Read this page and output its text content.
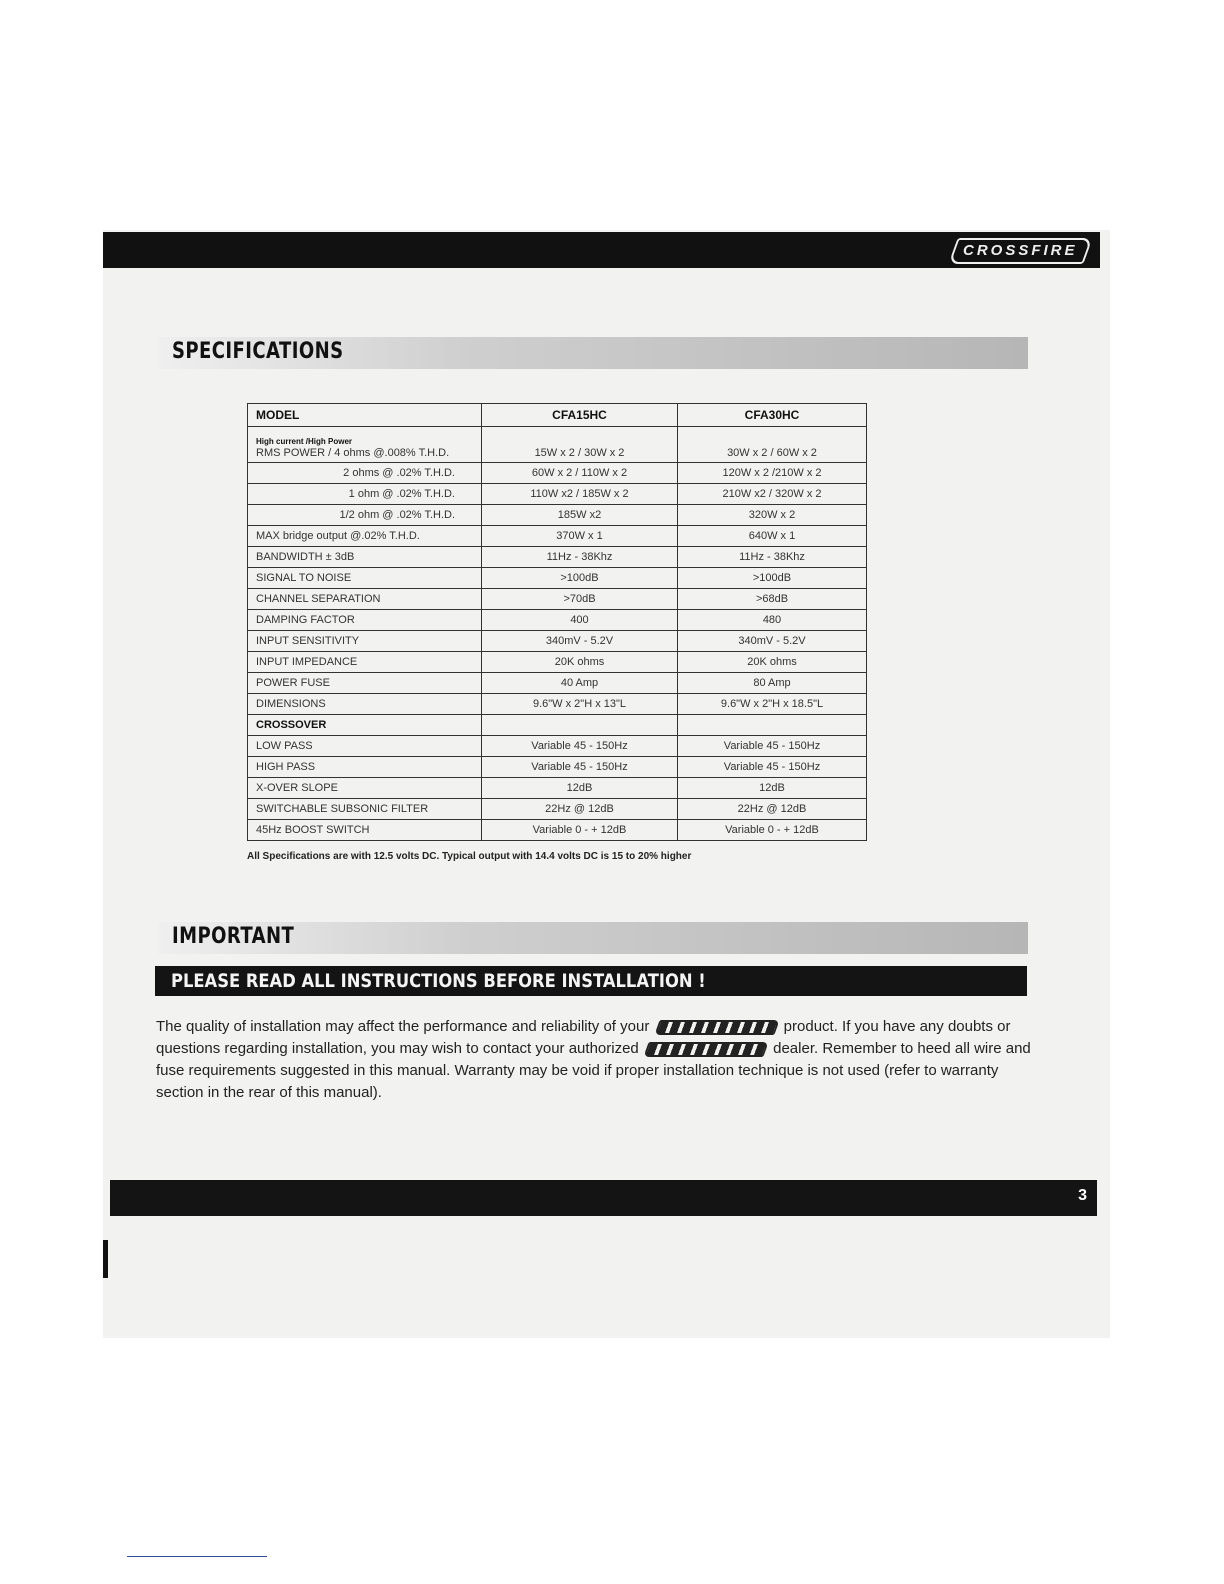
CROSSFIRE
SPECIFICATIONS
MODEL	CFA15HC	CFA30HC

High current /High Power
RMS POWER / 4 ohms @.008% T.H.D.	15W x 2 / 30W x 2	30W x 2 / 60W x 2
2 ohms @ .02% T.H.D.	60W x 2 / 110W x 2	120W x 2 /210W x 2
1 ohm @ .02% T.H.D.	110W x2 / 185W x 2	210W x2 / 320W x 2
1/2 ohm @ .02% T.H.D.	185W x2	320W x 2
MAX bridge output @.02% T.H.D.	370W x 1	640W x 1
BANDWIDTH ± 3dB	11Hz - 38Khz	11Hz - 38Khz
SIGNAL TO NOISE	>100dB	>100dB
CHANNEL SEPARATION	>70dB	>68dB
DAMPING FACTOR	400	480
INPUT SENSITIVITY	340mV - 5.2V	340mV - 5.2V
INPUT IMPEDANCE	20K ohms	20K ohms
POWER FUSE	40 Amp	80 Amp
DIMENSIONS	9.6"W x 2"H x 13"L	9.6"W x 2"H x 18.5"L
CROSSOVER		
LOW PASS	Variable 45 - 150Hz	Variable 45 - 150Hz
HIGH PASS	Variable 45 - 150Hz	Variable 45 - 150Hz
X-OVER SLOPE	12dB	12dB
SWITCHABLE SUBSONIC FILTER	22Hz @ 12dB	22Hz @ 12dB
45Hz BOOST SWITCH	Variable 0 - + 12dB	Variable 0 - + 12dB
All Specifications are with 12.5 volts DC. Typical output with 14.4 volts DC is 15 to 20% higher
IMPORTANT
PLEASE READ ALL INSTRUCTIONS BEFORE INSTALLATION !
The quality of installation may affect the performance and reliability of your	product. If you have any doubts or questions regarding installation, you may wish to contact your authorized	dealer. Remember to heed all wire and fuse requirements suggested in this manual. Warranty may be void if proper installation technique is not used (refer to warranty section in the rear of this manual).
3
